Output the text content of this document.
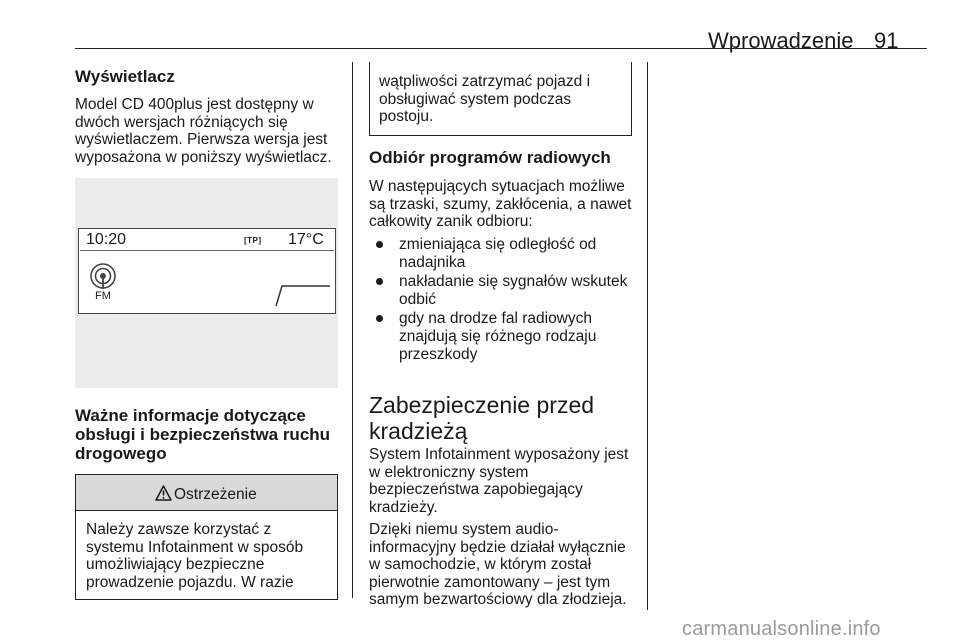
Wprowadzenie 91
Wyświetlacz
Model CD 400plus jest dostępny w dwóch wersjach różniących się wyświetlaczem. Pierwsza wersja jest wyposażona w poniższy wyświetlacz.
10:20	[TP] 17°C
FM
Ważne informacje dotyczące obsługi i bezpieczeństwa ruchu drogowego
Ostrzeżenie
Należy zawsze korzystać z systemu Infotainment w sposób umożliwiający bezpieczne prowadzenie pojazdu. W razie
wątpliwości zatrzymać pojazd i obsługiwać system podczas postoju.
Odbiór programów radiowych
W następujących sytuacjach możliwe są trzaski, szumy, zakłócenia, a nawet całkowity zanik odbioru:
zmieniająca się odległość od nadajnika
nakładanie się sygnałów wskutek odbić
gdy na drodze fal radiowych znajdują się różnego rodzaju przeszkody
Zabezpieczenie przed kradzieżą
System Infotainment wyposażony jest w elektroniczny system bezpieczeństwa zapobiegający kradzieży.
Dzięki niemu system audio-informacyjny będzie działał wyłącznie w samochodzie, w którym został pierwotnie zamontowany – jest tym samym bezwartościowy dla złodzieja.
carmanualsonline.info
